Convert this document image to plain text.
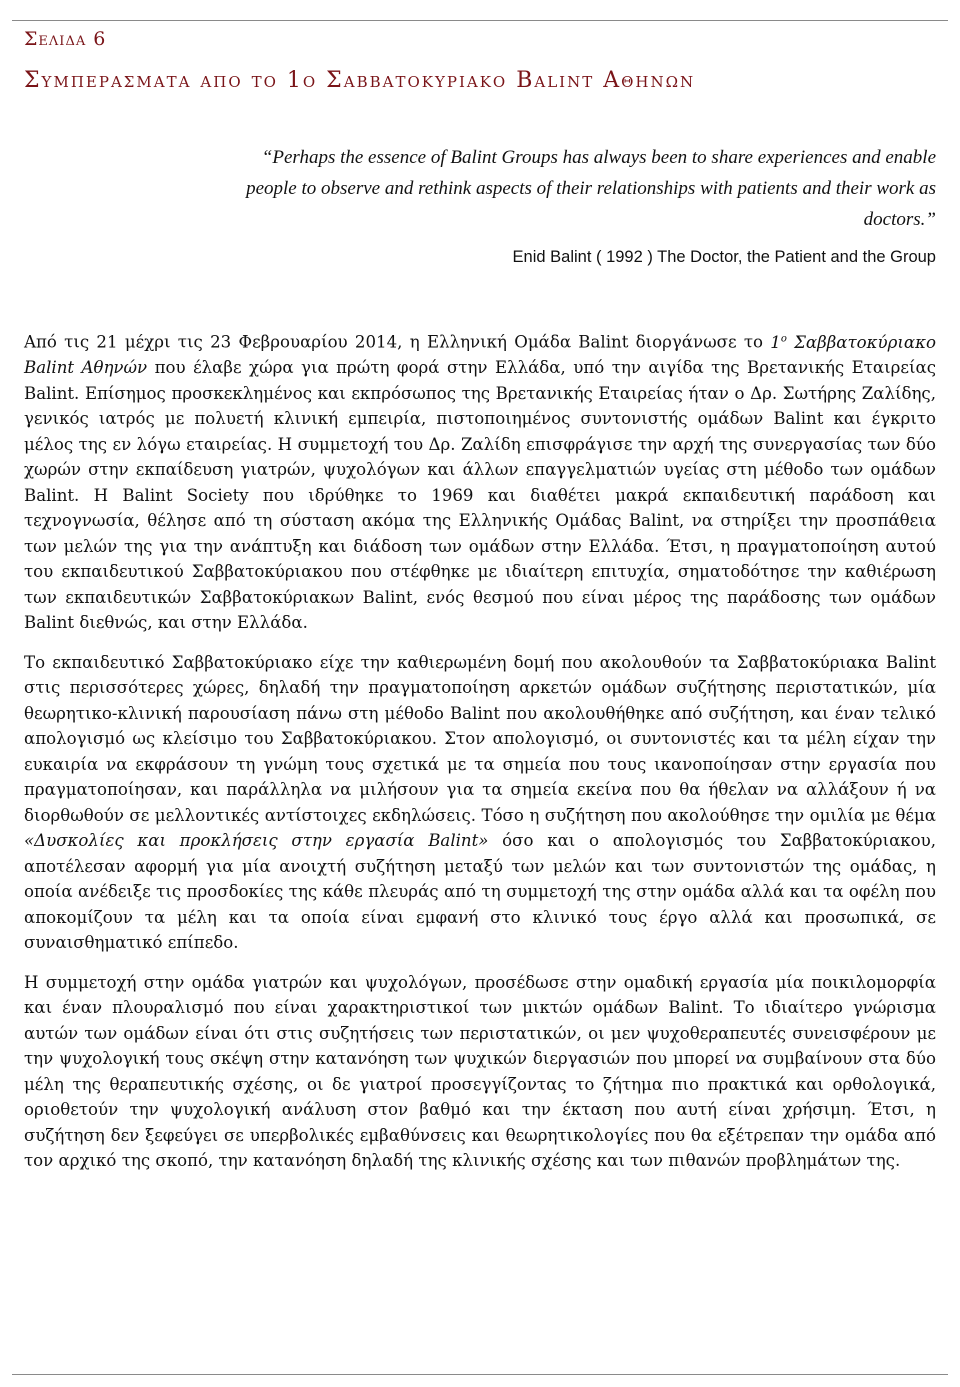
Σελιδα 6
Συμπερασματα απο το 1ο Σαββατοκυριακο Balint Αθηνων
“Perhaps the essence of Balint Groups has always been to share experiences and enable people to observe and rethink aspects of their relationships with patients and their work as doctors.”
Enid Balint ( 1992 ) The Doctor, the Patient and the Group

Από τις 21 μέχρι τις 23 Φεβρουαρίου 2014, η Ελληνική Ομάδα Balint διοργάνωσε το $1^o$ Σαββατοκύριακο Balint Αθηνών που έλαβε χώρα για πρώτη φορά στην Ελλάδα, υπό την αιγίδα της Βρετανικής Εταιρείας Balint. Επίσημος προσκεκλημένος και εκπρόσωπος της Βρετανικής Εταιρείας ήταν ο Δρ. Σωτήρης Ζαλίδης, γενικός ιατρός με πολυετή κλινική εμπειρία, πιστοποιημένος συντονιστής ομάδων Balint και έγκριτο μέλος της εν λόγω εταιρείας. Η συμμετοχή του Δρ. Ζαλίδη επισφράγισε την αρχή της συνεργασίας των δύο χωρών στην εκπαίδευση γιατρών, ψυχολόγων και άλλων επαγγελματιών υγείας στη μέθοδο των ομάδων Balint. Η Balint Society που ιδρύθηκε το 1969 και διαθέτει μακρά εκπαιδευτική παράδοση και τεχνογνωσία, θέλησε από τη σύσταση ακόμα της Ελληνικής Ομάδας Balint, να στηρίξει την προσπάθεια των μελών της για την ανάπτυξη και διάδοση των ομάδων στην Ελλάδα. Έτσι, η πραγματοποίηση αυτού του εκπαιδευτικού Σαββατοκύριακου που στέφθηκε με ιδιαίτερη επιτυχία, σηματοδότησε την καθιέρωση των εκπαιδευτικών Σαββατοκύριακων Balint, ενός θεσμού που είναι μέρος της παράδοσης των ομάδων Balint διεθνώς, και στην Ελλάδα.

Το εκπαιδευτικό Σαββατοκύριακο είχε την καθιερωμένη δομή που ακολουθούν τα Σαββατοκύριακα Balint στις περισσότερες χώρες, δηλαδή την πραγματοποίηση αρκετών ομάδων συζήτησης περιστατικών, μία θεωρητικο-κλινική παρουσίαση πάνω στη μέθοδο Balint που ακολουθήθηκε από συζήτηση, και έναν τελικό απολογισμό ως κλείσιμο του Σαββατοκύριακου. Στον απολογισμό, οι συντονιστές και τα μέλη είχαν την ευκαιρία να εκφράσουν τη γνώμη τους σχετικά με τα σημεία που τους ικανοποίησαν στην εργασία που πραγματοποίησαν, και παράλληλα να μιλήσουν για τα σημεία εκείνα που θα ήθελαν να αλλάξουν ή να διορθωθούν σε μελλοντικές αντίστοιχες εκδηλώσεις. Τόσο η συζήτηση που ακολούθησε την ομιλία με θέμα «Δυσκολίες και προκλήσεις στην εργασία Balint» όσο και ο απολογισμός του Σαββατοκύριακου, αποτέλεσαν αφορμή για μία ανοιχτή συζήτηση μεταξύ των μελών και των συντονιστών της ομάδας, η οποία ανέδειξε τις προσδοκίες της κάθε πλευράς από τη συμμετοχή της στην ομάδα αλλά και τα οφέλη που αποκομίζουν τα μέλη και τα οποία είναι εμφανή στο κλινικό τους έργο αλλά και προσωπικά, σε συναισθηματικό επίπεδο.

Η συμμετοχή στην ομάδα γιατρών και ψυχολόγων, προσέδωσε στην ομαδική εργασία μία ποικιλομορφία και έναν πλουραλισμό που είναι χαρακτηριστικοί των μικτών ομάδων Balint. Το ιδιαίτερο γνώρισμα αυτών των ομάδων είναι ότι στις συζητήσεις των περιστατικών, οι μεν ψυχοθεραπευτές συνεισφέρουν με την ψυχολογική τους σκέψη στην κατανόηση των ψυχικών διεργασιών που μπορεί να συμβαίνουν στα δύο μέλη της θεραπευτικής σχέσης, οι δε γιατροί προσεγγίζοντας το ζήτημα πιο πρακτικά και ορθολογικά, οριοθετούν την ψυχολογική ανάλυση στον βαθμό και την έκταση που αυτή είναι χρήσιμη. Έτσι, η συζήτηση δεν ξεφεύγει σε υπερβολικές εμβαθύνσεις και θεωρητικολογίες που θα εξέτρεπαν την ομάδα από τον αρχικό της σκοπό, την κατανόηση δηλαδή της κλινικής σχέσης και των πιθανών προβλημάτων της.
